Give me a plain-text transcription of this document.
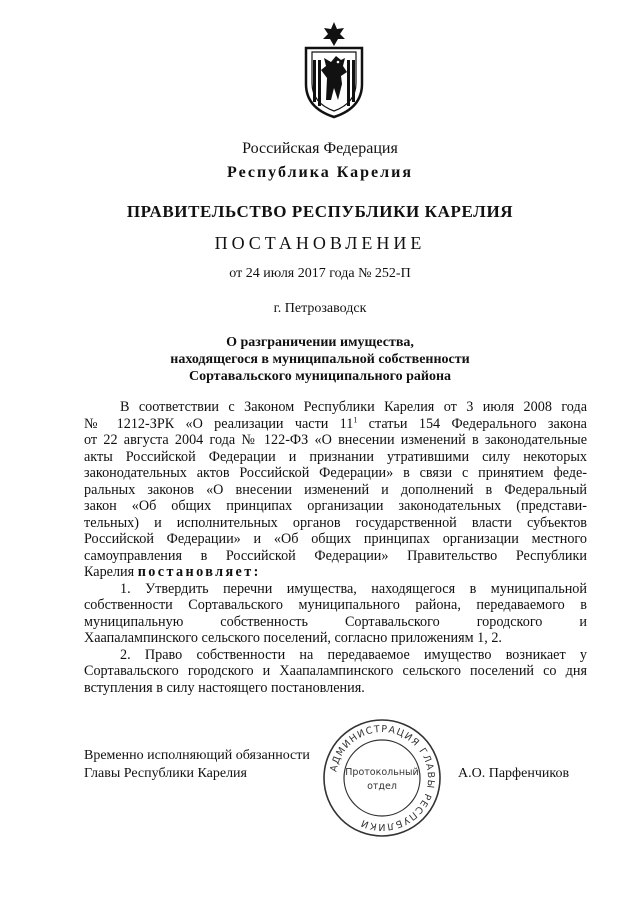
Российская Федерация
Республика Карелия
ПРАВИТЕЛЬСТВО РЕСПУБЛИКИ КАРЕЛИЯ
ПОСТАНОВЛЕНИЕ
от 24 июля 2017 года № 252-П
г. Петрозаводск
О разграничении имущества,
находящегося в муниципальной собственности
Сортавальского муниципального района
В соответствии с Законом Республики Карелия от 3 июля 2008 года
№ 1212-ЗРК «О реализации части $11^1$ статьи 154 Федерального закона
от 22 августа 2004 года № 122-ФЗ «О внесении изменений в законодательные
акты Российской Федерации и признании утратившими силу некоторых
законодательных актов Российской Федерации» в связи с принятием феде-
ральных законов «О внесении изменений и дополнений в Федеральный
закон «Об общих принципах организации законодательных (представи-
тельных) и исполнительных органов государственной власти субъектов
Российской Федерации» и «Об общих принципах организации местного
самоуправления в Российской Федерации» Правительство Республики
Карелия постановляет:
1. Утвердить перечни имущества, находящегося в муниципальной
собственности Сортавальского муниципального района, передаваемого в
муниципальную собственность Сортавальского городского и
Хаапалампинского сельского поселений, согласно приложениям 1, 2.
2. Право собственности на передаваемое имущество возникает у
Сортавальского городского и Хаапалампинского сельского поселений со дня
вступления в силу настоящего постановления.
АДМИНИСТРАЦИЯ ГЛАВЫ РЕСПУБЛИКИ
Протокольный
отдел
Временно исполняющий обязанности
Главы Республики Карелия	А.О. Парфенчиков
